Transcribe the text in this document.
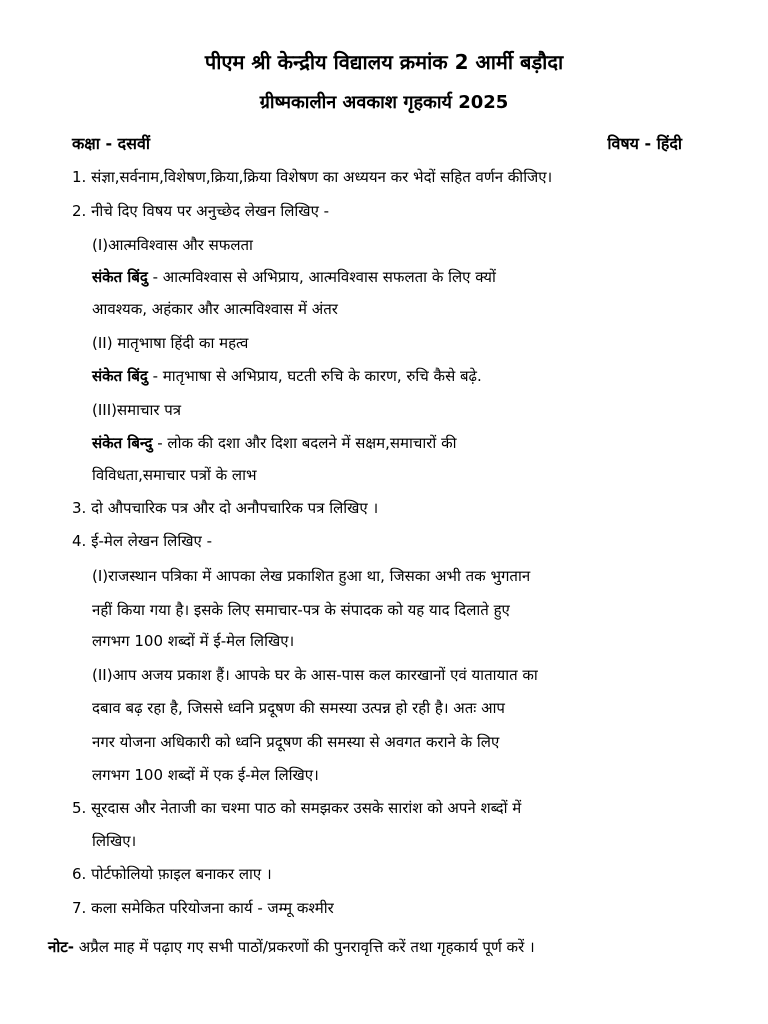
पीएम श्री केन्द्रीय विद्यालय क्रमांक 2 आर्मी बड़ौदा
ग्रीष्मकालीन अवकाश गृहकार्य 2025
कक्षा - दसवीं	विषय - हिंदी
1. संज्ञा,सर्वनाम,विशेषण,क्रिया,क्रिया विशेषण का अध्ययन कर भेदों सहित वर्णन कीजिए।
2. नीचे दिए विषय पर अनुच्छेद लेखन लिखिए -
(I)आत्मविश्वास और सफलता
संकेत बिंदु - आत्मविश्वास से अभिप्राय, आत्मविश्वास सफलता के लिए क्यों
आवश्यक, अहंकार और आत्मविश्वास में अंतर
(II) मातृभाषा हिंदी का महत्व
संकेत बिंदु - मातृभाषा से अभिप्राय, घटती रुचि के कारण, रुचि कैसे बढ़े.
(III)समाचार पत्र
संकेत बिन्दु - लोक की दशा और दिशा बदलने में सक्षम,समाचारों की
विविधता,समाचार पत्रों के लाभ
3. दो औपचारिक पत्र और दो अनौपचारिक पत्र लिखिए ।
4. ई-मेल लेखन लिखिए -
(I)राजस्थान पत्रिका में आपका लेख प्रकाशित हुआ था, जिसका अभी तक भुगतान
नहीं किया गया है। इसके लिए समाचार-पत्र के संपादक को यह याद दिलाते हुए
लगभग 100 शब्दों में ई-मेल लिखिए।
(II)आप अजय प्रकाश हैं। आपके घर के आस-पास कल कारखानों एवं यातायात का
दबाव बढ़ रहा है, जिससे ध्वनि प्रदूषण की समस्या उत्पन्न हो रही है। अतः आप
नगर योजना अधिकारी को ध्वनि प्रदूषण की समस्या से अवगत कराने के लिए
लगभग 100 शब्दों में एक ई-मेल लिखिए।
5. सूरदास और नेताजी का चश्मा पाठ को समझकर उसके सारांश को अपने शब्दों में
लिखिए।
6. पोर्टफोलियो फ़ाइल बनाकर लाए ।
7. कला समेकित परियोजना कार्य - जम्मू कश्मीर
नोट- अप्रैल माह में पढ़ाए गए सभी पाठों/प्रकरणों की पुनरावृत्ति करें तथा गृहकार्य पूर्ण करें ।
